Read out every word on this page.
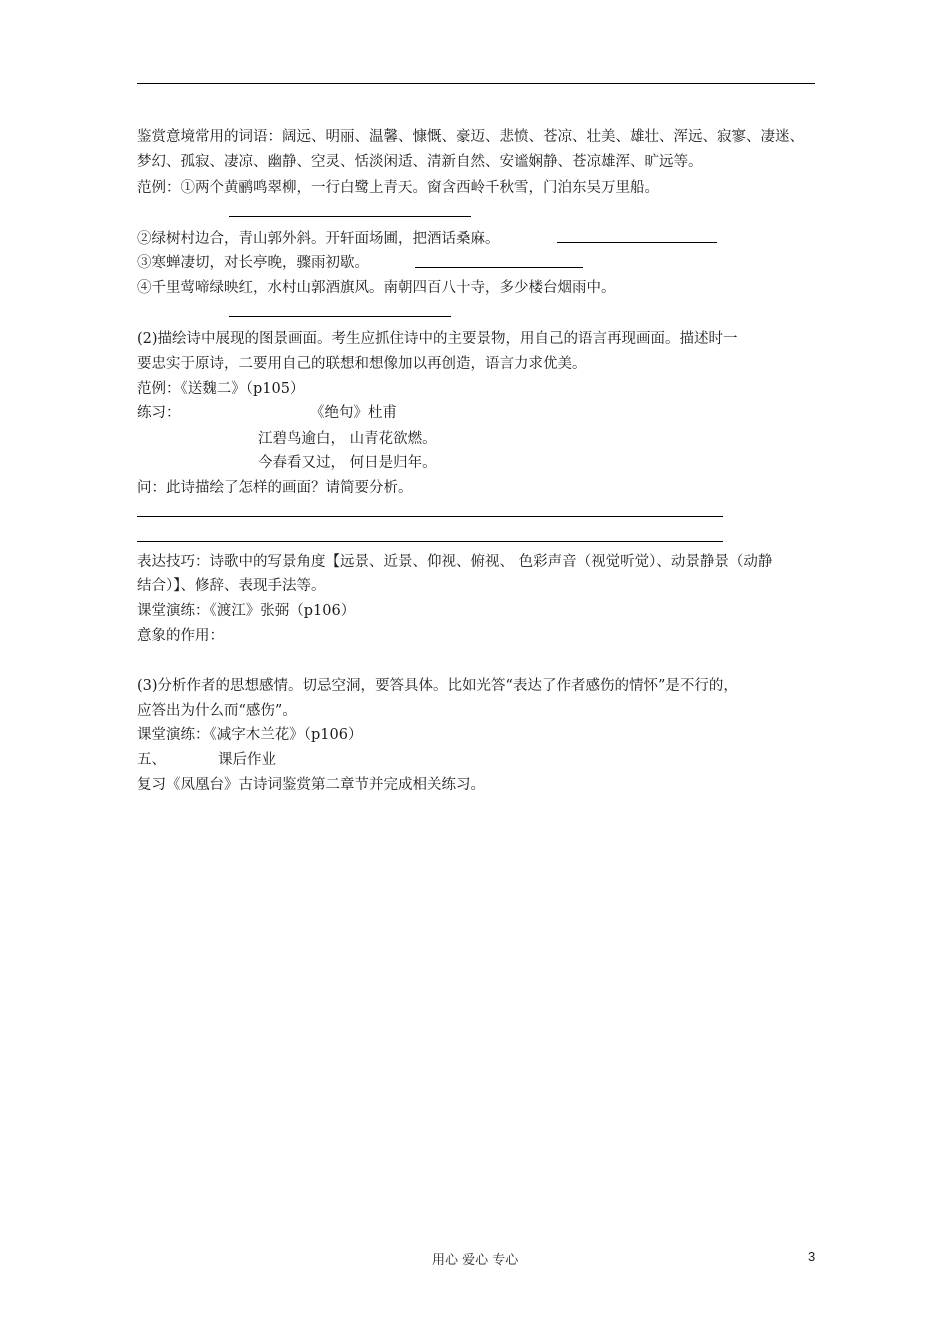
鉴赏意境常用的词语：阔远、明丽、温馨、慷慨、豪迈、悲愤、苍凉、壮美、雄壮、浑远、寂寥、凄迷、
梦幻、孤寂、凄凉、幽静、空灵、恬淡闲适、清新自然、安谧娴静、苍凉雄浑、旷远等。
范例：①两个黄鹂鸣翠柳，一行白鹭上青天。窗含西岭千秋雪，门泊东吴万里船。
②绿树村边合，青山郭外斜。开轩面场圃，把酒话桑麻。
③寒蝉凄切，对长亭晚，骤雨初歇。
④千里莺啼绿映红，水村山郭酒旗风。南朝四百八十寺，多少楼台烟雨中。
(2)描绘诗中展现的图景画面。考生应抓住诗中的主要景物，用自己的语言再现画面。描述时一
要忠实于原诗，二要用自己的联想和想像加以再创造，语言力求优美。
范例：《送魏二》（p105）
练习：	《绝句》杜甫
江碧鸟逾白， 山青花欲燃。
今春看又过， 何日是归年。
问：此诗描绘了怎样的画面？请简要分析。
表达技巧：诗歌中的写景角度【远景、近景、仰视、俯视、 色彩声音（视觉听觉）、动景静景（动静
结合）】、修辞、表现手法等。
课堂演练：《渡江》张弼（p106）
意象的作用：
(3)分析作者的思想感情。切忌空洞，要答具体。比如光答“表达了作者感伤的情怀”是不行的，
应答出为什么而“感伤”。
课堂演练：《减字木兰花》（p106）
五、	课后作业
复习《凤凰台》古诗词鉴赏第二章节并完成相关练习。
用心 爱心 专心	3
